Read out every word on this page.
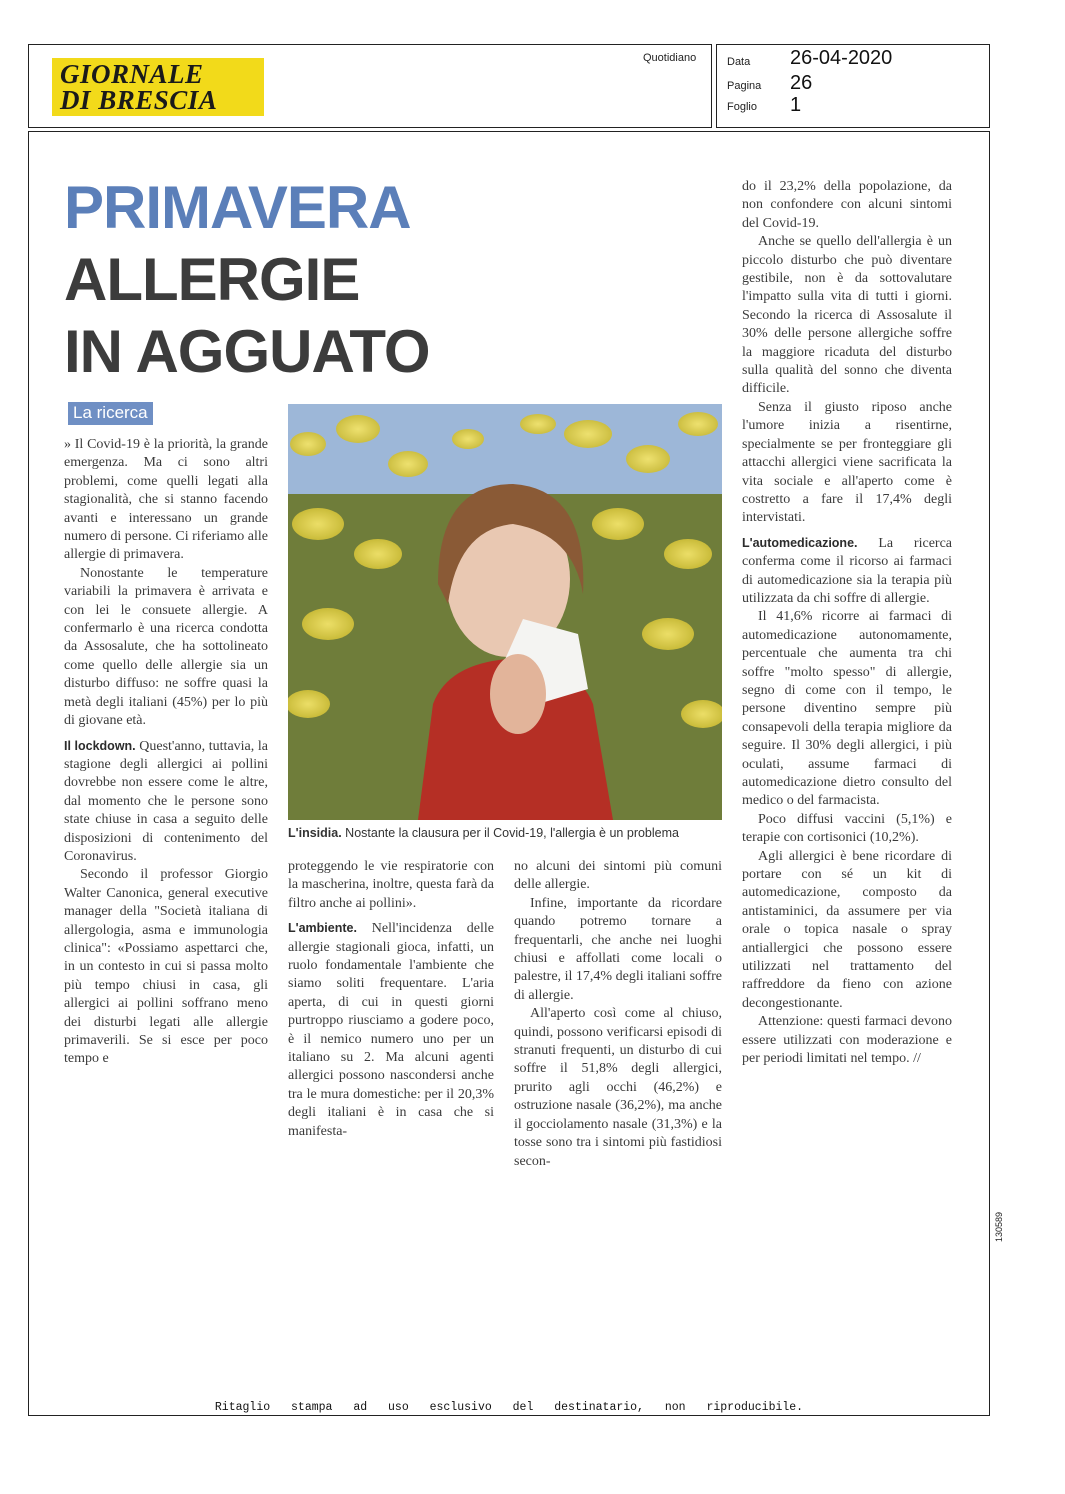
GIORNALE
DI BRESCIA
Quotidiano	Data 26-04-2020
Pagina 26
Foglio 1
PRIMAVERA
ALLERGIE
IN AGGUATO
La ricerca
L'insidia. Nostante la clausura per il Covid-19, l'allergia è un problema

» Il Covid-19 è la priorità, la grande emergenza. Ma ci sono altri problemi, come quelli legati alla stagionalità, che si stanno facendo avanti e interessano un grande numero di persone. Ci riferiamo alle allergie di primavera.

Nonostante le temperature variabili la primavera è arrivata e con lei le consuete allergie. A confermarlo è una ricerca condotta da Assosalute, che ha sottolineato come quello delle allergie sia un disturbo diffuso: ne soffre quasi la metà degli italiani (45%) per lo più di giovane età.

Il lockdown. Quest'anno, tuttavia, la stagione degli allergici ai pollini dovrebbe non essere come le altre, dal momento che le persone sono state chiuse in casa a seguito delle disposizioni di contenimento del Coronavirus.

Secondo il professor Giorgio Walter Canonica, general executive manager della "Società italiana di allergologia, asma e immunologia clinica": «Possiamo aspettarci che, in un contesto in cui si passa molto più tempo chiusi in casa, gli allergici ai pollini soffrano meno dei disturbi legati alle allergie primaverili. Se si esce per poco tempo e

proteggendo le vie respiratorie con la mascherina, inoltre, questa farà da filtro anche ai pollini».

L'ambiente. Nell'incidenza delle allergie stagionali gioca, infatti, un ruolo fondamentale l'ambiente che siamo soliti frequentare. L'aria aperta, di cui in questi giorni purtroppo riusciamo a godere poco, è il nemico numero uno per un italiano su 2. Ma alcuni agenti allergici possono nascondersi anche tra le mura domestiche: per il 20,3% degli italiani è in casa che si manifesta-

no alcuni dei sintomi più comuni delle allergie.

Infine, importante da ricordare quando potremo tornare a frequentarli, che anche nei luoghi chiusi e affollati come locali o palestre, il 17,4% degli italiani soffre di allergie.

All'aperto così come al chiuso, quindi, possono verificarsi episodi di stranuti frequenti, un disturbo di cui soffre il 51,8% degli allergici, prurito agli occhi (46,2%) e ostruzione nasale (36,2%), ma anche il gocciolamento nasale (31,3%) e la tosse sono tra i sintomi più fastidiosi secon-

do il 23,2% della popolazione, da non confondere con alcuni sintomi del Covid-19.

Anche se quello dell'allergia è un piccolo disturbo che può diventare gestibile, non è da sottovalutare l'impatto sulla vita di tutti i giorni. Secondo la ricerca di Assosalute il 30% delle persone allergiche soffre la maggiore ricaduta del disturbo sulla qualità del sonno che diventa difficile.

Senza il giusto riposo anche l'umore inizia a risentirne, specialmente se per fronteggiare gli attacchi allergici viene sacrificata la vita sociale e all'aperto come è costretto a fare il 17,4% degli intervistati.

L'automedicazione. La ricerca conferma come il ricorso ai farmaci di automedicazione sia la terapia più utilizzata da chi soffre di allergie.

Il 41,6% ricorre ai farmaci di automedicazione autonomamente, percentuale che aumenta tra chi soffre "molto spesso" di allergie, segno di come con il tempo, le persone diventino sempre più consapevoli della terapia migliore da seguire. Il 30% degli allergici, i più oculati, assume farmaci di automedicazione dietro consulto del medico o del farmacista.

Poco diffusi vaccini (5,1%) e terapie con cortisonici (10,2%).

Agli allergici è bene ricordare di portare con sé un kit di automedicazione, composto da antistaminici, da assumere per via orale o topica nasale o spray antiallergici che possono essere utilizzati nel trattamento del raffreddore da fieno con azione decongestionante.

Attenzione: questi farmaci devono essere utilizzati con moderazione e per periodi limitati nel tempo. //

Ritaglio stampa ad uso esclusivo del destinatario, non riproducibile.
130589
